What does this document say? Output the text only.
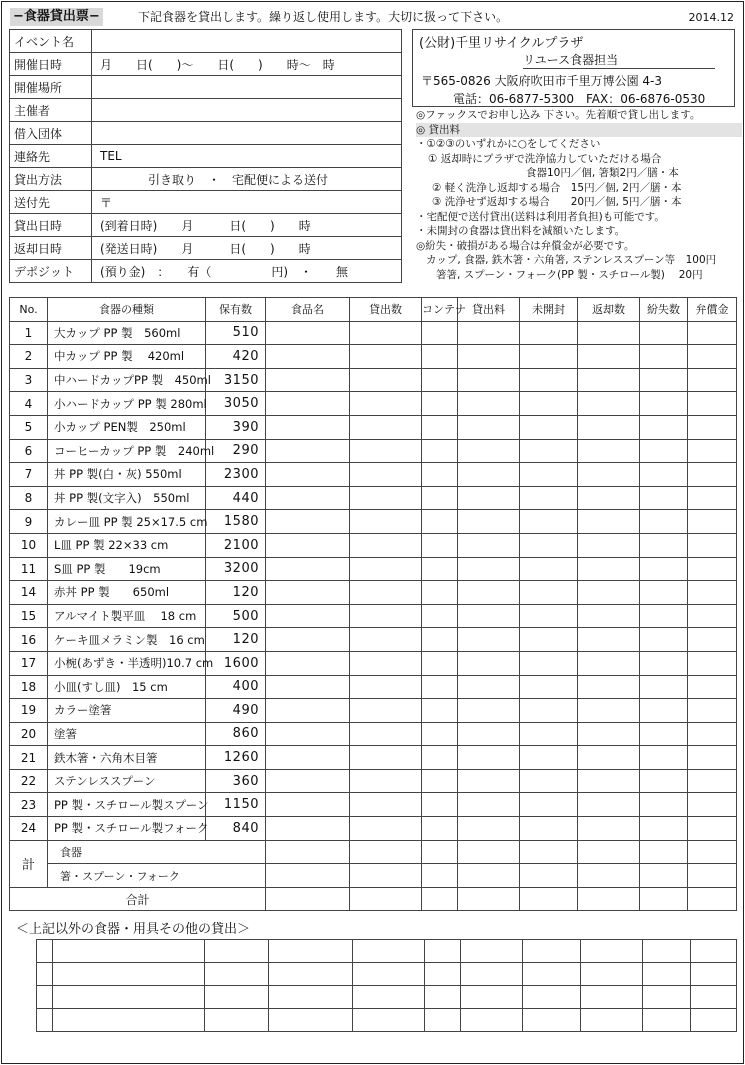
−食器貸出票−	下記食器を貸出します。繰り返し使用します。大切に扱って下さい。	2014.12
イベント名	
開催日時	月　　日(　　)〜　　日(　　)　　時〜　時
開催場所	
主催者	
借入団体	
連絡先	TEL
貸出方法	　　　　引き取り　・　宅配便による送付
送付先	〒
貸出日時	(到着日時)　　月　　　日(　　)　　時
返却日時	(発送日時)　　月　　　日(　　)　　時
デポジット	(預り金)　：　　有（　　　　　円)　・　　無
(公財)千里リサイクルプラザ
リユース食器担当
〒565-0826 大阪府吹田市千里万博公園 4-3
電話：06-6877-5300　FAX：06-6876-0530
◎ファックスでお申し込み 下さい。先着順で貸し出します。
◎ 貸出料
・①②③のいずれかに○をしてください
① 返却時にプラザで洗浄協力していただける場合
食器10円／個, 箸類2円／膳・本
② 軽く洗浄し返却する場合　15円／個, 2円／膳・本
③ 洗浄せず返却する場合　　20円／個, 5円／膳・本
・宅配便で送付貸出(送料は利用者負担)も可能です。
・未開封の食器は貸出料を減額いたします。
◎紛失・破損がある場合は弁償金が必要です。
カップ, 食器, 鉄木箸・六角箸, ステンレススプーン等　100円
箸箸, スプーン・フォーク(PP 製・スチロール製)　 20円
No.	食器の種類	保有数	食品名	貸出数	コンテナ	貸出料	未開封	返却数	紛失数	弁償金
1	大カップ PP 製　560ml	510								
2	中カップ PP 製　 420ml	420								
3	中ハードカップPP 製　450ml	3150								
4	小ハードカップ PP 製 280ml	3050								
5	小カップ PEN製　250ml	390								
6	コーヒーカップ PP 製　240ml	290								
7	丼 PP 製(白・灰) 550ml	2300								
8	丼 PP 製(文字入)　550ml	440								
9	カレー皿 PP 製 25×17.5 cm	1580								
10	L皿 PP 製 22×33 cm	2100								
11	S皿 PP 製　　19cm	3200								
14	赤丼 PP 製　　650ml	120								
15	アルマイト製平皿　 18 cm	500								
16	ケーキ皿メラミン製　16 cm	120								
17	小椀(あずき・半透明)10.7 cm	1600								
18	小皿(すし皿)　15 cm	400								
19	カラー塗箸	490								
20	塗箸	860								
21	鉄木箸・六角木目箸	1260								
22	ステンレススプーン	360								
23	PP 製・スチロール製スプーン	1150								
24	PP 製・スチロール製フォーク	840								
計	食器									
	箸・スプーン・フォーク									
合計										
＜上記以外の食器・用具その他の貸出＞
